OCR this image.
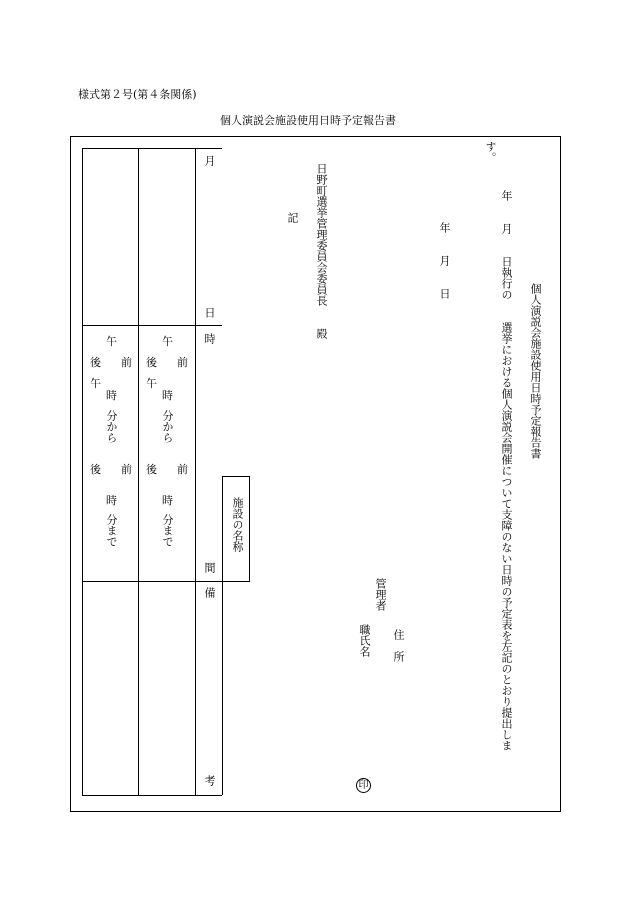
様式第２号(第４条関係)
個人演説会施設使用日時予定報告書
個人演説会施設使用日時予定報告書
年　　月　　日執行の　　選挙における個人演説会開催について支障のない日時の予定表を左記のとおり提出しま
す。
年　　月　　日
住　所
管理者
職氏名
印
日野町選挙管理委員会委員長　　殿
記
施設の名称
月
日
時
間
備
考
午
後 前
午
時
分から
後 前
時
分まで
午
後 前
午
時
分から
後 前
時
分まで
